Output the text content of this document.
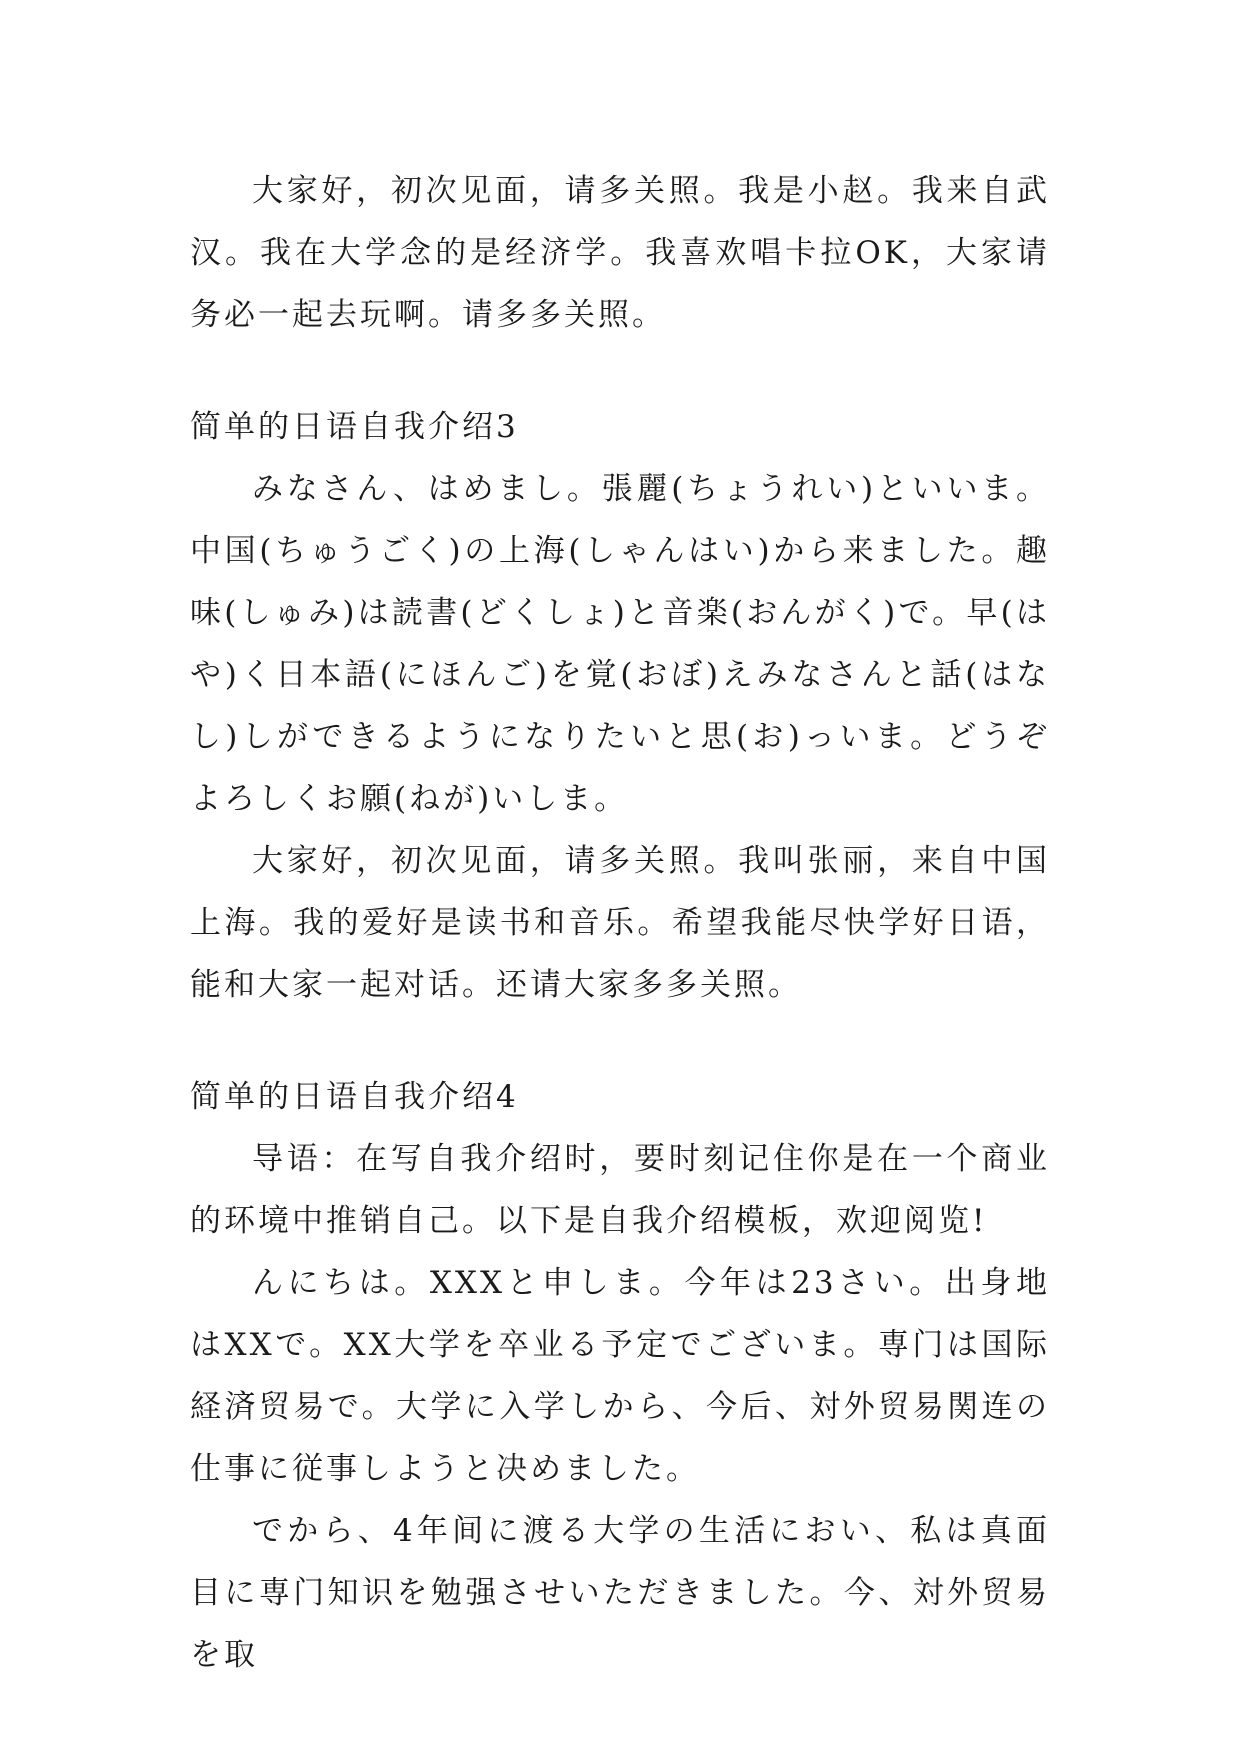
大家好，初次见面，请多关照。我是小赵。我来自武汉。我在大学念的是经济学。我喜欢唱卡拉OK，大家请务必一起去玩啊。请多多关照。

简单的日语自我介绍3

みなさん、はめまし。張麗(ちょうれい)といいま。中国(ちゅうごく)の上海(しゃんはい)から来ました。趣味(しゅみ)は読書(どくしょ)と音楽(おんがく)で。早(はや)く日本語(にほんご)を覚(おぼ)えみなさんと話(はなし)しができるようになりたいと思(お)っいま。どうぞよろしくお願(ねが)いしま。

大家好，初次见面，请多关照。我叫张丽，来自中国上海。我的爱好是读书和音乐。希望我能尽快学好日语，能和大家一起对话。还请大家多多关照。

简单的日语自我介绍4

导语：在写自我介绍时，要时刻记住你是在一个商业的环境中推销自己。以下是自我介绍模板，欢迎阅览!

んにちは。XXXと申しま。今年は23さい。出身地はXXで。XX大学を卒业る予定でございま。専门は国际経済贸易で。大学に入学しから、今后、対外贸易関连の仕事に従事しようと决めました。

でから、4年间に渡る大学の生活におい、私は真面目に専门知识を勉强させいただきました。今、対外贸易を取
